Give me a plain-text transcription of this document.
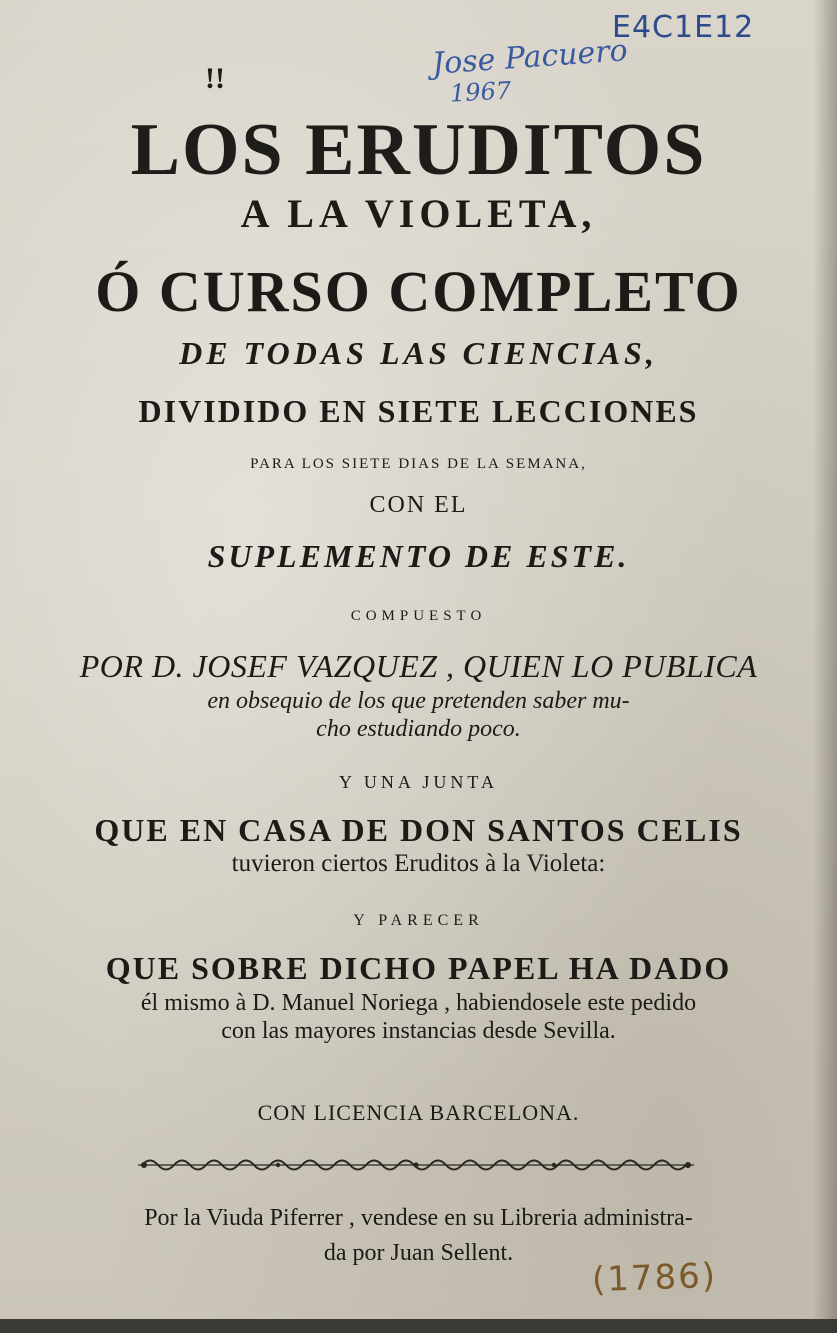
E4C1E12
Jose Pacuero
1967
!!
LOS ERUDITOS
A LA VIOLETA,
Ó CURSO COMPLETO
DE TODAS LAS CIENCIAS,
DIVIDIDO EN SIETE LECCIONES
PARA LOS SIETE DIAS DE LA SEMANA,
CON EL
SUPLEMENTO DE ESTE.
COMPUESTO
POR D. JOSEF VAZQUEZ , QUIEN LO PUBLICA
en obsequio de los que pretenden saber mu-
cho estudiando poco.
Y UNA JUNTA
QUE EN CASA DE DON SANTOS CELIS
tuvieron ciertos Eruditos à la Violeta:
Y PARECER
QUE SOBRE DICHO PAPEL HA DADO
él mismo à D. Manuel Noriega , habiendosele este pedido
con las mayores instancias desde Sevilla.
CON LICENCIA BARCELONA.
Por la Viuda Piferrer , vendese en su Libreria administra-
da por Juan Sellent.
(1786)
